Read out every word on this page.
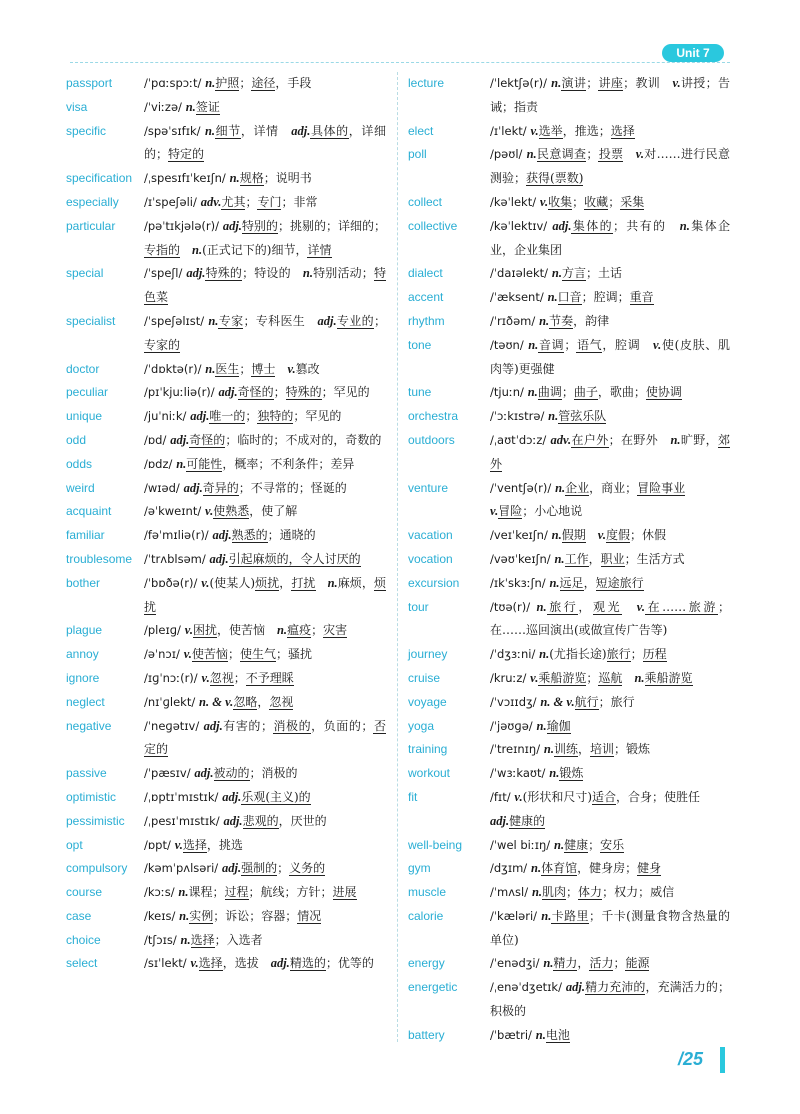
Unit 7
passport	/ˈpɑːspɔːt/ n.护照；途径，手段
visa	/ˈviːzə/ n.签证
specific	/spəˈsɪfɪk/ n.细节，详情　adj.具体的，详细的；特定的
specification	/ˌspesɪfɪˈkeɪʃn/ n.规格；说明书
especially	/ɪˈspeʃəli/ adv.尤其；专门；非常
particular	/pəˈtɪkjələ(r)/ adj.特别的；挑剔的；详细的；专指的　 n.(正式记下的)细节，详情
special	/ˈspeʃl/ adj.特殊的；特设的　n.特别活动；特色菜
specialist	/ˈspeʃəlɪst/ n.专家；专科医生　adj.专业的；专家的
doctor	/ˈdɒktə(r)/ n.医生；博士　 v.篡改
peculiar	/pɪˈkjuːliə(r)/ adj.奇怪的；特殊的；罕见的
unique	/juˈniːk/ adj.唯一的；独特的；罕见的
odd	/ɒd/ adj.奇怪的；临时的；不成对的，奇数的
odds	/ɒdz/ n.可能性，概率；不利条件；差异
weird	/wɪəd/ adj.奇异的；不寻常的；怪诞的
acquaint	/əˈkweɪnt/ v.使熟悉，使了解
familiar	/fəˈmɪliə(r)/ adj.熟悉的；通晓的
troublesome	/ˈtrʌblsəm/ adj.引起麻烦的，令人讨厌的
bother	/ˈbɒðə(r)/ v.(使某人)烦扰，打扰　 n.麻烦，烦扰
plague	/pleɪɡ/ v.困扰，使苦恼　n.瘟疫；灾害
annoy	/əˈnɔɪ/ v.使苦恼；使生气；骚扰
ignore	/ɪɡˈnɔː(r)/ v.忽视；不予理睬
neglect	/nɪˈɡlekt/ n. & v.忽略，忽视
negative	/ˈneɡətɪv/ adj.有害的；消极的，负面的；否定的
passive	/ˈpæsɪv/ adj.被动的；消极的
optimistic	/ˌɒptɪˈmɪstɪk/ adj.乐观(主义)的
pessimistic	/ˌpesɪˈmɪstɪk/ adj.悲观的，厌世的
opt	/ɒpt/ v.选择，挑选
compulsory	/kəmˈpʌlsəri/ adj.强制的；义务的
course	/kɔːs/ n.课程；过程；航线；方针；进展
case	/keɪs/ n.实例；诉讼；容器；情况
choice	/tʃɔɪs/ n.选择；入选者
select	/sɪˈlekt/ v.选择，选拔　adj.精选的；优等的
lecture	/ˈlektʃə(r)/ n.演讲；讲座；教训　v.讲授；告诫；指责
elect	/ɪˈlekt/ v.选举，推选；选择
poll	/pəʊl/ n.民意调查；投票　 v.对……进行民意测验；获得(票数)
collect	/kəˈlekt/ v.收集；收藏；采集
collective	/kəˈlektɪv/ adj.集体的；共有的　n.集体企业，企业集团
dialect	/ˈdaɪəlekt/ n.方言；土话
accent	/ˈæksent/ n.口音；腔调；重音
rhythm	/ˈrɪðəm/ n.节奏，韵律
tone	/təʊn/ n.音调；语气，腔调　v.使(皮肤、肌肉等)更强健
tune	/tjuːn/ n.曲调；曲子，歌曲；使协调
orchestra	/ˈɔːkɪstrə/ n.管弦乐队
outdoors	/ˌaʊtˈdɔːz/ adv.在户外；在野外　n.旷野，郊外
venture	/ˈventʃə(r)/ n.企业，商业；冒险事业
v.冒险；小心地说
vacation	/veɪˈkeɪʃn/ n.假期　 v.度假；休假
vocation	/vəʊˈkeɪʃn/ n.工作，职业；生活方式
excursion	/ɪkˈskɜːʃn/ n.远足，短途旅行
tour	/tʊə(r)/ n.旅行，观光　 v.在……旅游；在……巡回演出(或做宣传广告等)
journey	/ˈdʒɜːni/ n.(尤指长途)旅行；历程
cruise	/kruːz/ v.乘船游览；巡航　 n.乘船游览
voyage	/ˈvɔɪɪdʒ/ n. & v.航行；旅行
yoga	/ˈjəʊɡə/ n.瑜伽
training	/ˈtreɪnɪŋ/ n.训练，培训；锻炼
workout	/ˈwɜːkaʊt/ n.锻炼
fit	/fɪt/ v.(形状和尺寸)适合，合身；使胜任
adj.健康的
well-being	/ˈwel biːɪŋ/ n.健康；安乐
gym	/dʒɪm/ n.体育馆，健身房；健身
muscle	/ˈmʌsl/ n.肌肉；体力；权力；威信
calorie	/ˈkæləri/ n.卡路里；千卡(测量食物含热量的单位)
energy	/ˈenədʒi/ n.精力，活力；能源
energetic	/ˌenəˈdʒetɪk/ adj.精力充沛的，充满活力的；积极的
battery	/ˈbætri/ n.电池
/25
